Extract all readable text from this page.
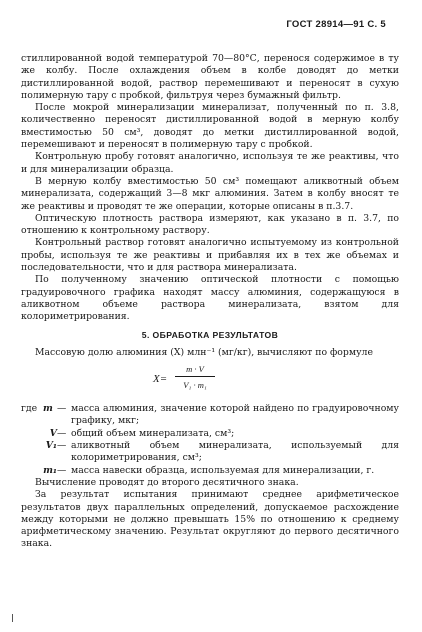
ГОСТ 28914—91 С. 5

стиллированной водой температурой 70—80°С, перенося содержимое в ту же колбу. После охлаждения объем в колбе доводят до метки дистиллированной водой, раствор перемешивают и переносят в сухую полимерную тару с пробкой, фильтруя через бумажный фильтр.

После мокрой минерализации минерализат, полученный по п. 3.8, количественно переносят дистиллированной водой в мерную колбу вместимостью 50 см³, доводят до метки дистиллированной водой, перемешивают и переносят в полимерную тару с пробкой.

Контрольную пробу готовят аналогично, используя те же реактивы, что и для минерализации образца.

В мерную колбу вместимостью 50 см³ помещают аликвотный объем минерализата, содержащий 3—8 мкг алюминия. Затем в колбу вносят те же реактивы и проводят те же операции, которые описаны в п.3.7.

Оптическую плотность раствора измеряют, как указано в п. 3.7, по отношению к контрольному раствору.

Контрольный раствор готовят аналогично испытуемому из контрольной пробы, используя те же реактивы и прибавляя их в тех же объемах и последовательности, что и для раствора минерализата.

По полученному значению оптической плотности с помощью градуировочного графика находят массу алюминия, содержащуюся в аликвотном объеме раствора минерализата, взятом для колориметрирования.

5. ОБРАБОТКА РЕЗУЛЬТАТОВ

Массовую долю алюминия (X) млн⁻¹ (мг/кг), вычисляют по формуле

X=
m · V
V₁ · m₁
где m — масса алюминия, значение которой найдено по градуировочному графику, мкг;
V — общий объем минерализата, см³;
V₁ — аликвотный объем минерализата, используемый для колориметрирования, см³;
m₁ — масса навески образца, используемая для минерализации, г.

Вычисление проводят до второго десятичного знака.

За результат испытания принимают среднее арифметическое результатов двух параллельных определений, допускаемое расхождение между которыми не должно превышать 15% по отношению к среднему арифметическому значению. Результат округляют до первого десятичного знака.
